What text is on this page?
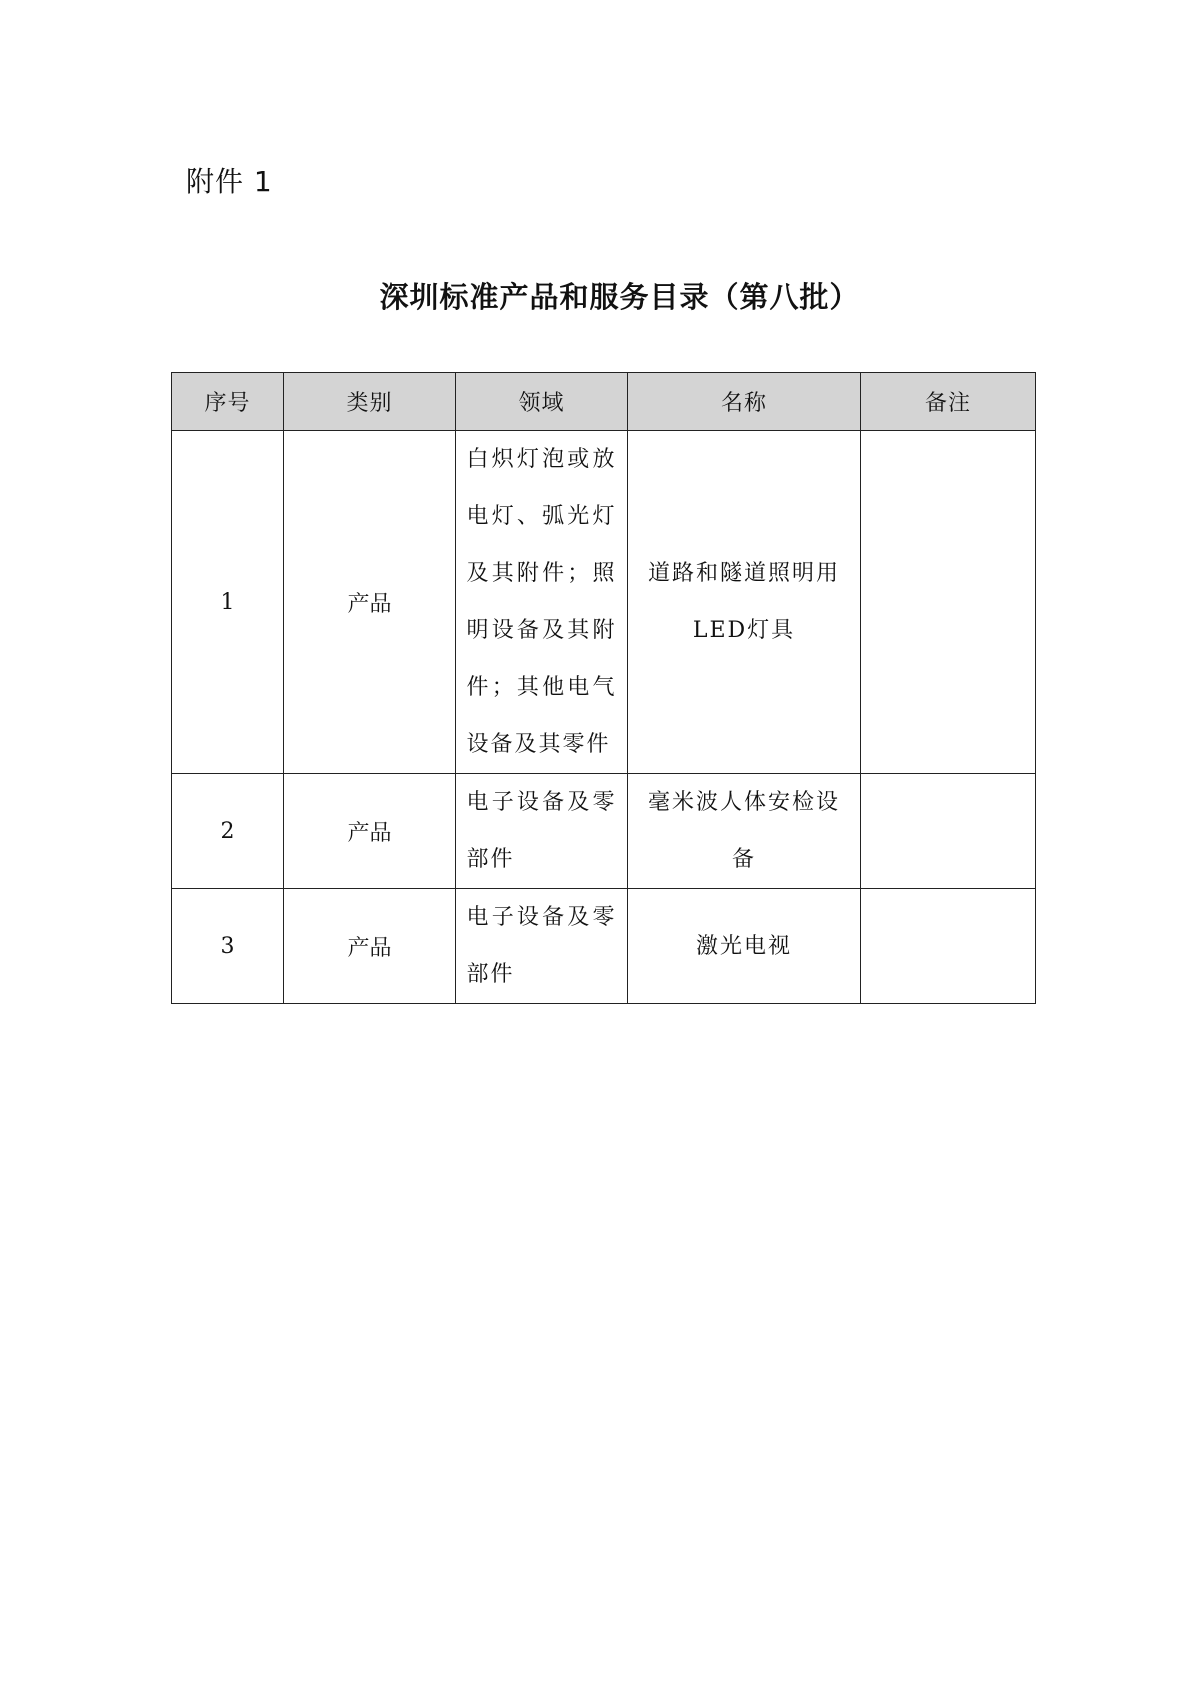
附件 1
深圳标准产品和服务目录（第八批）
序号	类别	领域	名称	备注
1	产品	白炽灯泡或放电灯、弧光灯及其附件；照明设备及其附件；其他电气设备及其零件	道路和隧道照明用LED灯具	

2	产品	电子设备及零部件	毫米波人体安检设备	

3	产品	电子设备及零部件	激光电视	
